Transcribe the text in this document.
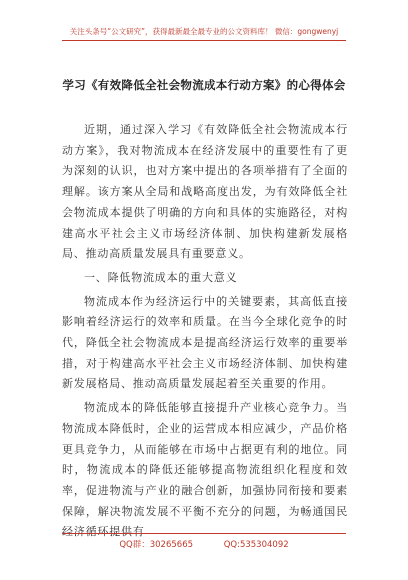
关注头条号“公文研究”，获得最新最全最专业的公文资料库！ 微信：gongwenyj
学习《有效降低全社会物流成本行动方案》的心得体会

近期，通过深入学习《有效降低全社会物流成本行动方案》，我对物流成本在经济发展中的重要性有了更为深刻的认识，也对方案中提出的各项举措有了全面的理解。该方案从全局和战略高度出发，为有效降低全社会物流成本提供了明确的方向和具体的实施路径，对构建高水平社会主义市场经济体制、加快构建新发展格局、推动高质量发展具有重要意义。

一、降低物流成本的重大意义

物流成本作为经济运行中的关键要素，其高低直接影响着经济运行的效率和质量。在当今全球化竞争的时代，降低全社会物流成本是提高经济运行效率的重要举措，对于构建高水平社会主义市场经济体制、加快构建新发展格局、推动高质量发展起着至关重要的作用。

物流成本的降低能够直接提升产业核心竞争力。当物流成本降低时，企业的运营成本相应减少，产品价格更具竞争力，从而能够在市场中占据更有利的地位。同时，物流成本的降低还能够提高物流组织化程度和效率，促进物流与产业的融合创新，加强协同衔接和要素保障，解决物流发展不平衡不充分的问题，为畅通国民经济循环提供有

QQ群：30265665	QQ:535304092
